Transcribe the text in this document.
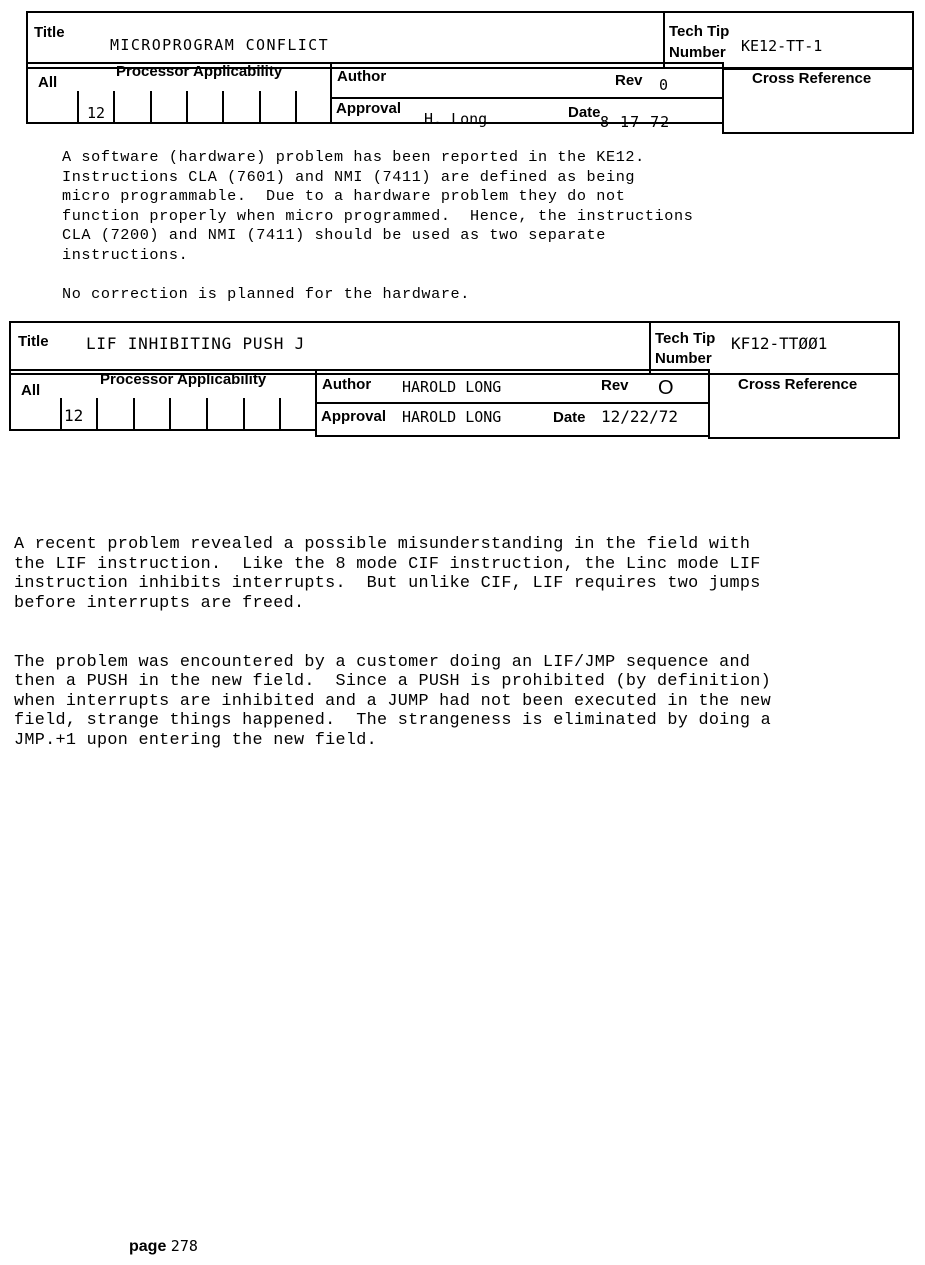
Title
MICROPROGRAM CONFLICT
Tech Tip
Number KE12-TT-1
All
Processor Applicability
12
Author	Rev 0
Approval
H. Long	Date
8-17-72
Cross Reference
A software (hardware) problem has been reported in the KE12.
Instructions CLA (7601) and NMI (7411) are defined as being
micro programmable.  Due to a hardware problem they do not
function properly when micro programmed.  Hence, the instructions
CLA (7200) and NMI (7411) should be used as two separate
instructions.

No correction is planned for the hardware.
Title LIF INHIBITING PUSH J	Tech Tip
Number
KF12-TTØØ1
All
Processor Applicability
12
Author HAROLD LONG	Rev O
Approval HAROLD LONG	Date 12/22/72
Cross Reference
A recent problem revealed a possible misunderstanding in the field with
the LIF instruction.  Like the 8 mode CIF instruction, the Linc mode LIF
instruction inhibits interrupts.  But unlike CIF, LIF requires two jumps
before interrupts are freed.

The problem was encountered by a customer doing an LIF/JMP sequence and
then a PUSH in the new field.  Since a PUSH is prohibited (by definition)
when interrupts are inhibited and a JUMP had not been executed in the new
field, strange things happened.  The strangeness is eliminated by doing a
JMP.+1 upon entering the new field.
page 278
